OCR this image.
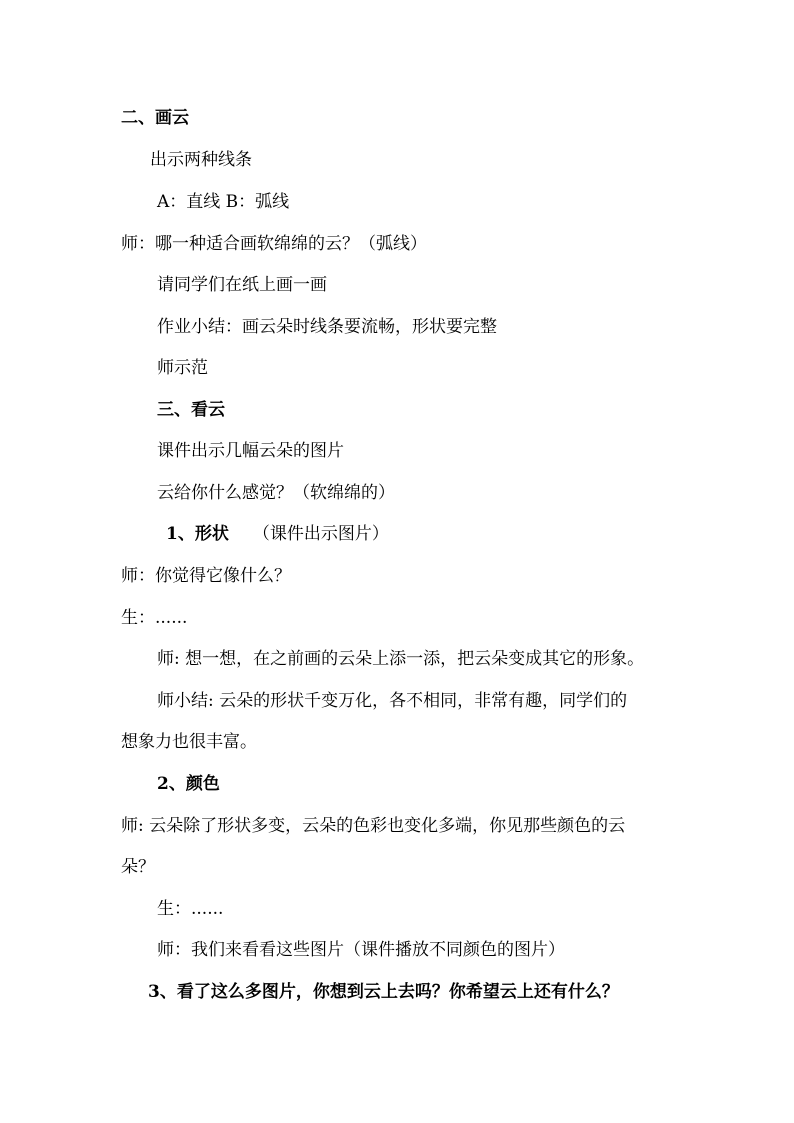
二、画云
出示两种线条
A：直线 B：弧线
师：哪一种适合画软绵绵的云？（弧线）
请同学们在纸上画一画
作业小结：画云朵时线条要流畅，形状要完整
师示范
三、看云
课件出示几幅云朵的图片
云给你什么感觉？（软绵绵的）
1、形状 （课件出示图片）
师：你觉得它像什么？
生：......
师: 想一想，在之前画的云朵上添一添，把云朵变成其它的形象。
师小结: 云朵的形状千变万化，各不相同，非常有趣，同学们的
想象力也很丰富。
2、颜色
师: 云朵除了形状多变，云朵的色彩也变化多端，你见那些颜色的云
朵？
生：......
师：我们来看看这些图片（课件播放不同颜色的图片）
3、看了这么多图片，你想到云上去吗？你希望云上还有什么？
